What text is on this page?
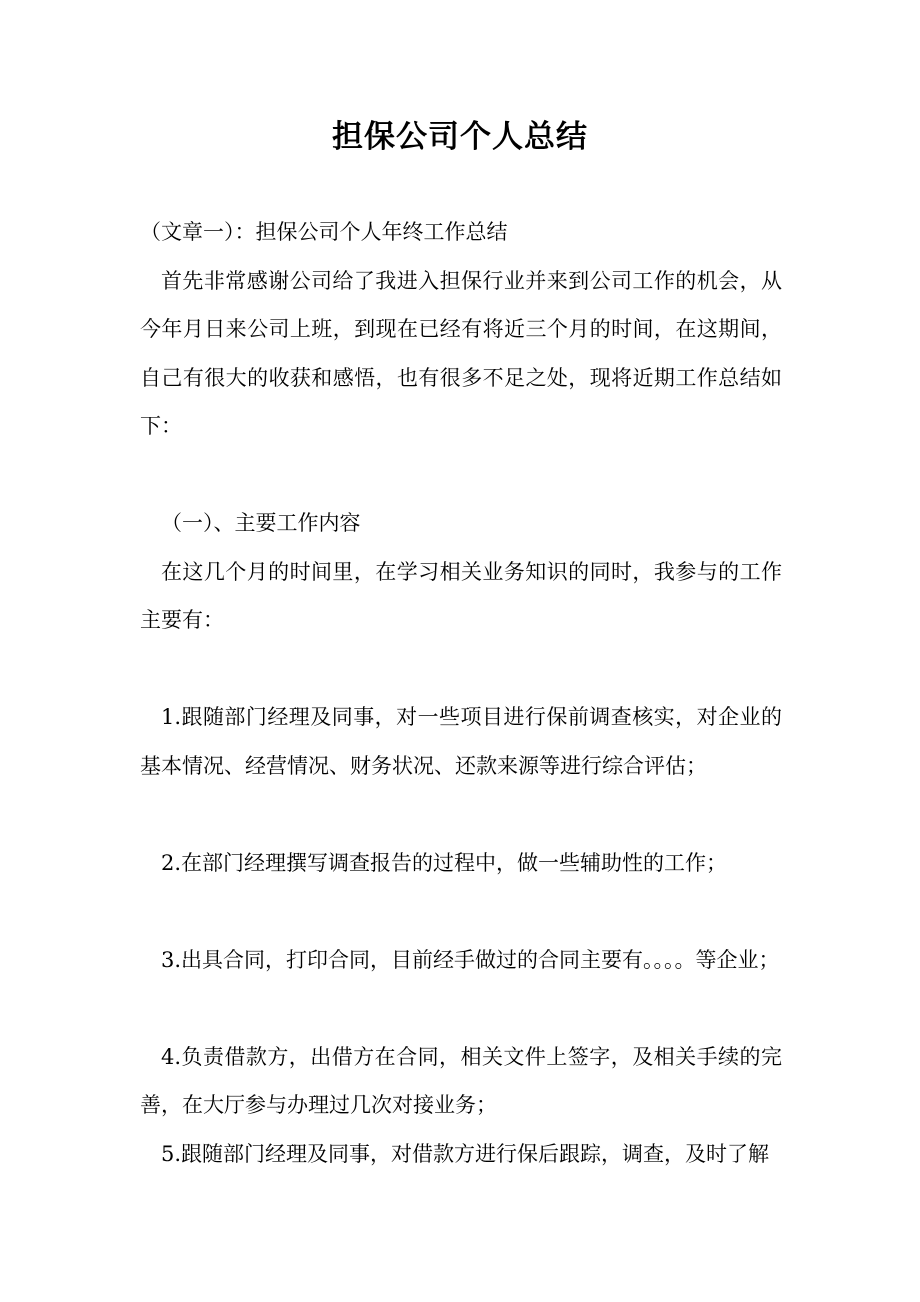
担保公司个人总结

（文章一）：担保公司个人年终工作总结

首先非常感谢公司给了我进入担保行业并来到公司工作的机会，从今年月日来公司上班，到现在已经有将近三个月的时间，在这期间，自己有很大的收获和感悟，也有很多不足之处，现将近期工作总结如下：

（一）、主要工作内容

在这几个月的时间里，在学习相关业务知识的同时，我参与的工作主要有：

1.跟随部门经理及同事，对一些项目进行保前调查核实，对企业的基本情况、经营情况、财务状况、还款来源等进行综合评估；

2.在部门经理撰写调查报告的过程中，做一些辅助性的工作；

3.出具合同，打印合同，目前经手做过的合同主要有。。。。等企业；

4.负责借款方，出借方在合同，相关文件上签字，及相关手续的完善，在大厅参与办理过几次对接业务；

5.跟随部门经理及同事，对借款方进行保后跟踪，调查，及时了解
